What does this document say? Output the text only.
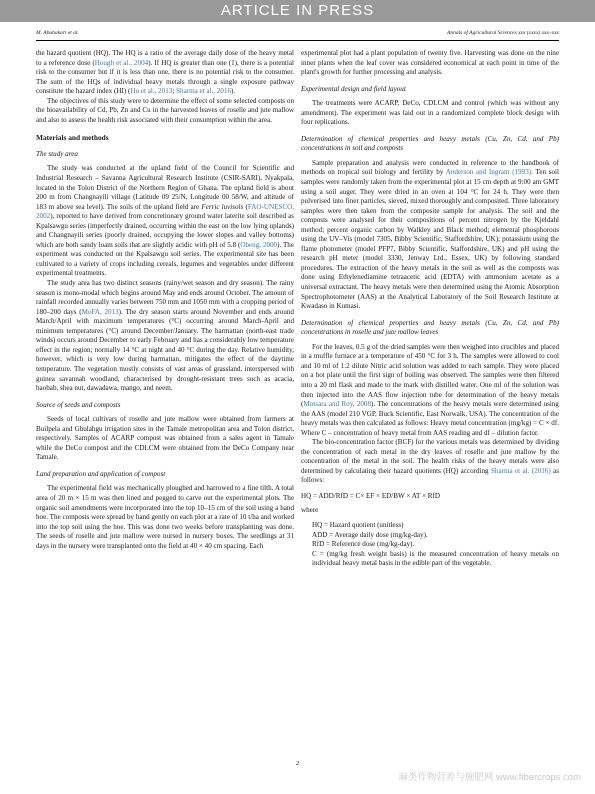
ARTICLE IN PRESS
M. Abubakari et al.	Annals of Agricultural Sciences xxx (xxxx) xxx–xxx

the hazard quotient (HQ). The HQ is a ratio of the average daily dose of the heavy metal to a reference dose (Hough et al., 2004). If HQ is greater than one (1), there is a potential risk to the consumer but if it is less than one, there is no potential risk to the consumer. The sum of the HQs of individual heavy metals through a single exposure pathway constitute the hazard index (HI) (Hu et al., 2013; Sharma et al., 2016).

The objectives of this study were to determine the effect of some selected composts on the bioavailability of Cd, Pb, Zn and Cu in the harvested leaves of roselle and jute mallow and also to assess the health risk associated with their consumption within the area.

Materials and methods
The study area

The study was conducted at the upland field of the Council for Scientific and Industrial Research – Savanna Agricultural Research Institute (CSIR-SARI), Nyakpala, located in the Tolon District of the Northern Region of Ghana. The upland field is about 200 m from Changnayili village (Latitude 09 25/N, Longitude 00 58/W, and altitude of 183 m above sea level). The soils of the upland field are Ferric luvisols (FAO-UNESCO, 2002), reported to have derived from concretionary ground water laterite soil described as Kpalsawgu series (imperfectly drained, occurring within the east on the low lying uplands) and Changnayili series (poorly drained, occupying the lower slopes and valley bottoms) which are both sandy loam soils that are slightly acidic with pH of 5.8 (Obeng, 2000). The experiment was conducted on the Kpalsawgu soil series. The experimental site has been cultivated to a variety of crops including cereals, legumes and vegetables under different experimental treatments.

The study area has two distinct seasons (rainy/wet season and dry season). The rainy season is mono-modal which begins around May and ends around October. The amount of rainfall recorded annually varies between 750 mm and 1050 mm with a cropping period of 180–200 days (MoFA, 2013). The dry season starts around November and ends around March/April with maximum temperatures (°C) occurring around March-April and minimum temperatures (°C) around December/January. The harmattan (north-east trade winds) occurs around December to early February and has a considerably low temperature effect in the region; normally 14 °C at night and 40 °C during the day. Relative humidity, however, which is very low during harmattan, mitigates the effect of the daytime temperature. The vegetation mostly consists of vast areas of grassland, interspersed with guinea savannah woodland, characterised by drought-resistant trees such as acacia, baobab, shea nut, dawadawa, mango, and neem.

Source of seeds and composts

Seeds of local cultivars of roselle and jute mallow were obtained from farmers at Builpela and Gbulahgu irrigation sites in the Tamale metropolitan area and Tolon district, respectively. Samples of ACARP compost was obtained from a sales agent in Tamale while the DeCo compost and the CDLCM were obtained from the DeCo Company near Tamale.

Land preparation and application of compost

The experimental field was mechanically ploughed and harrowed to a fine tilth. A total area of 20 m × 15 m was then lined and pegged to carve out the experimental plots. The organic soil amendments were incorporated into the top 10–15 cm of the soil using a hand hoe. The composts were spread by hand gently on each plot at a rate of 10 t/ha and worked into the top soil using the hoe. This was done two weeks before transplanting was done. The seeds of roselle and jute mallow were nursed in nursery boxes. The seedlings at 31 days in the nursery were transplanted onto the field at 40 × 40 cm spacing. Each

experimental plot had a plant population of twenty five. Harvesting was done on the nine inner plants when the leaf cover was considered economical at each point in time of the plant's growth for further processing and analysis.

Experimental design and field layout

The treatments were ACARP, DeCo, CDLCM and control (which was without any amendment). The experiment was laid out in a randomized complete block design with four replications.

Determination of chemical properties and heavy metals (Cu, Zn, Cd, and Pb) concentrations in soil and composts

Sample preparation and analysis were conducted in reference to the handbook of methods on tropical soil biology and fertility by Anderson and Ingram (1993). Ten soil samples were randomly taken from the experimental plot at 15 cm depth at 9:00 am GMT using a soil auger. They were dried in an oven at 104 °C for 24 h. They were then pulverised into finer particles, sieved, mixed thoroughly and composited. Three laboratory samples were then taken from the composite sample for analysis. The soil and the composts were analysed for their compositions of percent nitrogen by the Kjeldahl method; percent organic carbon by Walkley and Black method; elemental phosphorous using the UV–Vis (model 7305, Bibby Scientific, Staffordshire, UK); potassium using the flame photometer (model PFP7, Bibby Scientific, Staffordshire, UK) and pH using the research pH meter (model 3330, Jenway Ltd., Essex, UK) by following standard procedures. The extraction of the heavy metals in the soil as well as the composts was done using Ethylenediamine tetraacetic acid (EDTA) with ammonium acetate as a universal extractant. The heavy metals were then determined using the Atomic Absorption Spectrophotometer (AAS) at the Analytical Laboratory of the Soil Research Institute at Kwadaso in Kumasi.

Determination of chemical properties and heavy metals (Cu, Zn, Cd, and Pb) concentrations in roselle and jute mallow leaves

For the leaves, 0.5 g of the dried samples were then weighed into crucibles and placed in a muffle furnace at a temperature of 450 °C for 3 h. The samples were allowed to cool and 10 ml of 1:2 dilute Nitric acid solution was added to each sample. They were placed on a hot plate until the first sign of boiling was observed. The samples were then filtered into a 20 ml flask and made to the mark with distilled water. One ml of the solution was then injected into the AAS flow injection tube for determination of the heavy metals (Motsara and Roy, 2008). The concentrations of the heavy metals were determined using the AAS (model 210 VGP, Buck Scientific, East Norwalk, USA). The concentration of the heavy metals was then calculated as follows: Heavy metal concentration (mg/kg) = C × df. Where C – concentration of heavy metal from AAS reading and df – dilution factor.

The bio-concentration factor (BCF) for the various metals was determined by dividing the concentration of each metal in the dry leaves of roselle and jute mallow by the concentration of the metal in the soil. The health risks of the heavy metals were also determined by calculating their hazard quotients (HQ) according Sharma et al. (2016) as follows:

HQ = ADD/RfD = C× EF × ED/BW × AT × RfD
where
HQ = Hazard quotient (unitless)
ADD = Average daily dose (mg/kg-day).
RfD = Reference dose (mg/kg-day).
C = (mg/kg fresh weight basis) is the measured concentration of heavy metals on individual heavy metal basis in the edible part of the vegetable.
2
麻类作物营养与施肥网 www.fibercrops.com
